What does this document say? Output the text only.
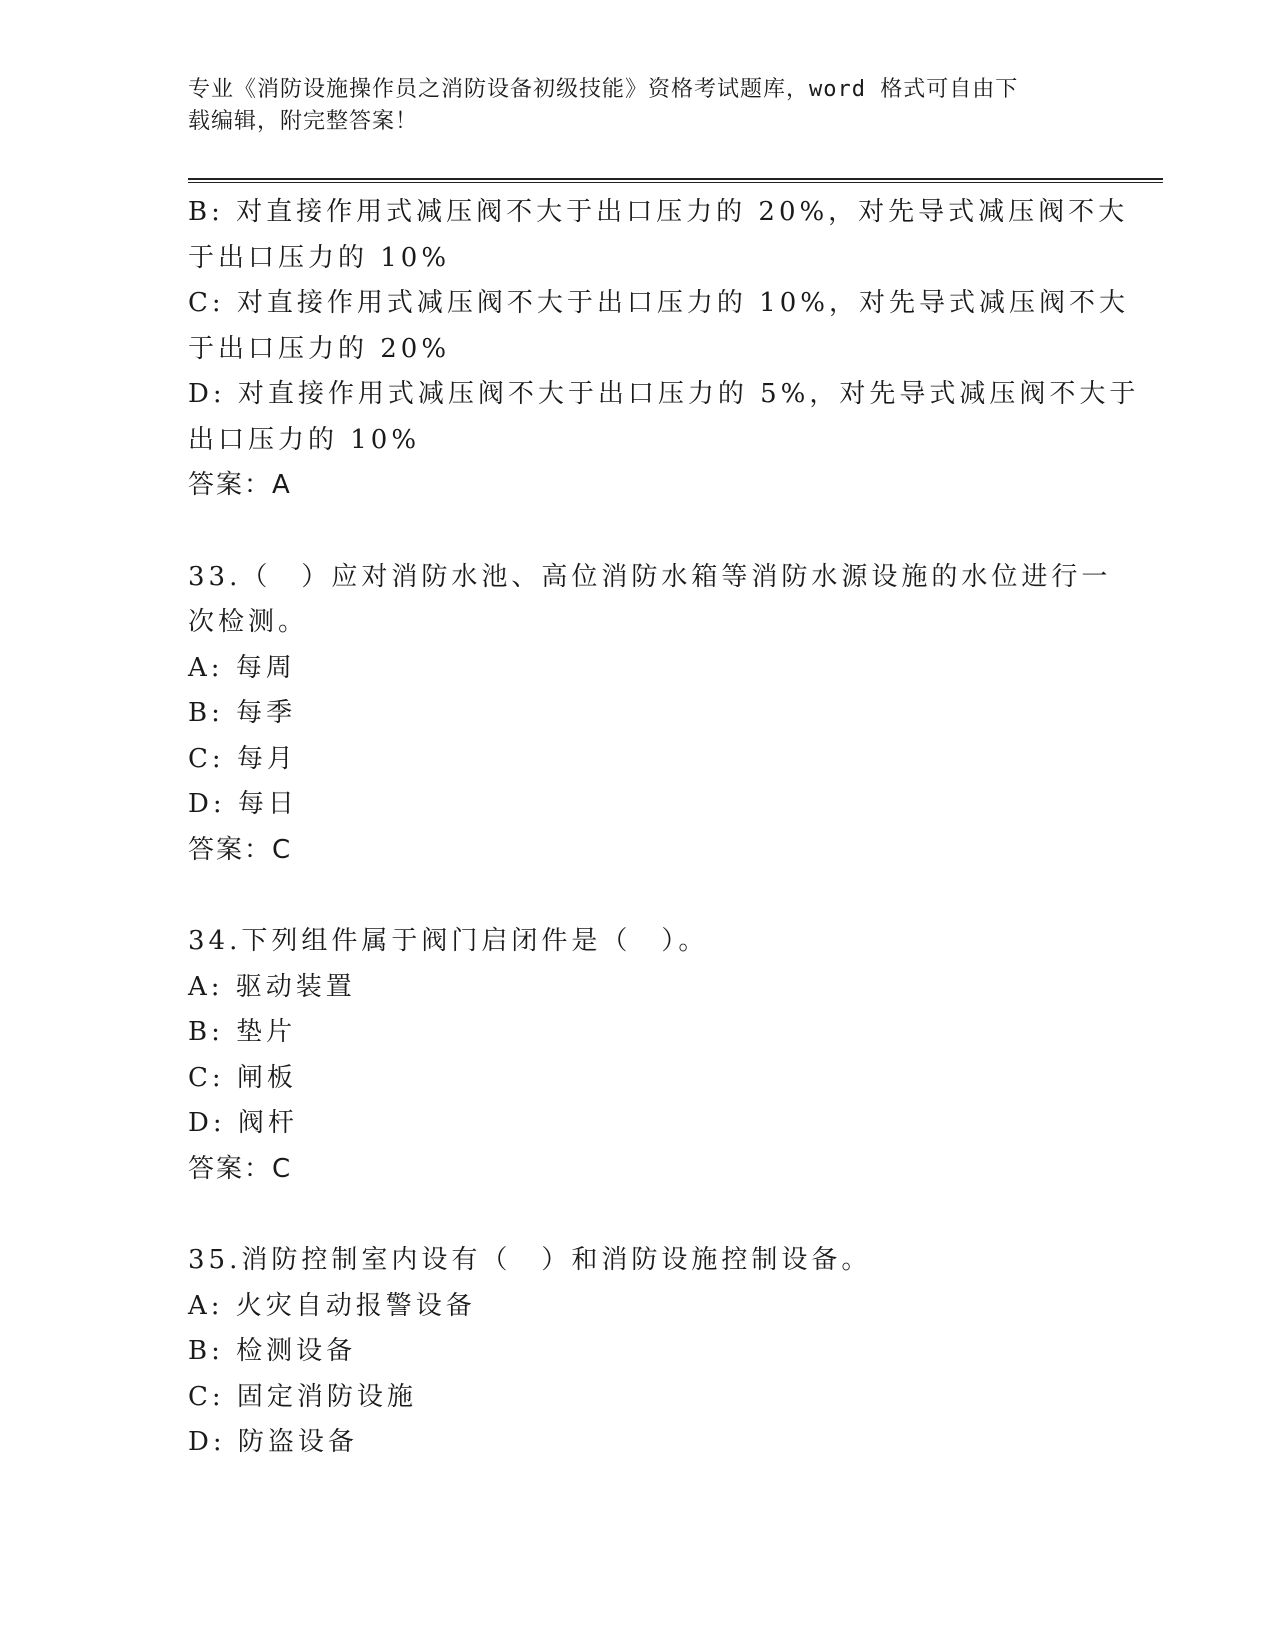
专业《消防设施操作员之消防设备初级技能》资格考试题库，word 格式可自由下
载编辑，附完整答案！
B: 对直接作用式减压阀不大于出口压力的 20%，对先导式减压阀不大
于出口压力的 10%
C: 对直接作用式减压阀不大于出口压力的 10%，对先导式减压阀不大
于出口压力的 20%
D: 对直接作用式减压阀不大于出口压力的 5%，对先导式减压阀不大于
出口压力的 10%
答案：A
33.（　）应对消防水池、高位消防水箱等消防水源设施的水位进行一
次检测。
A: 每周
B: 每季
C: 每月
D: 每日
答案：C
34.下列组件属于阀门启闭件是（　）。
A: 驱动装置
B: 垫片
C: 闸板
D: 阀杆
答案：C
35.消防控制室内设有（　）和消防设施控制设备。
A: 火灾自动报警设备
B: 检测设备
C: 固定消防设施
D: 防盗设备
